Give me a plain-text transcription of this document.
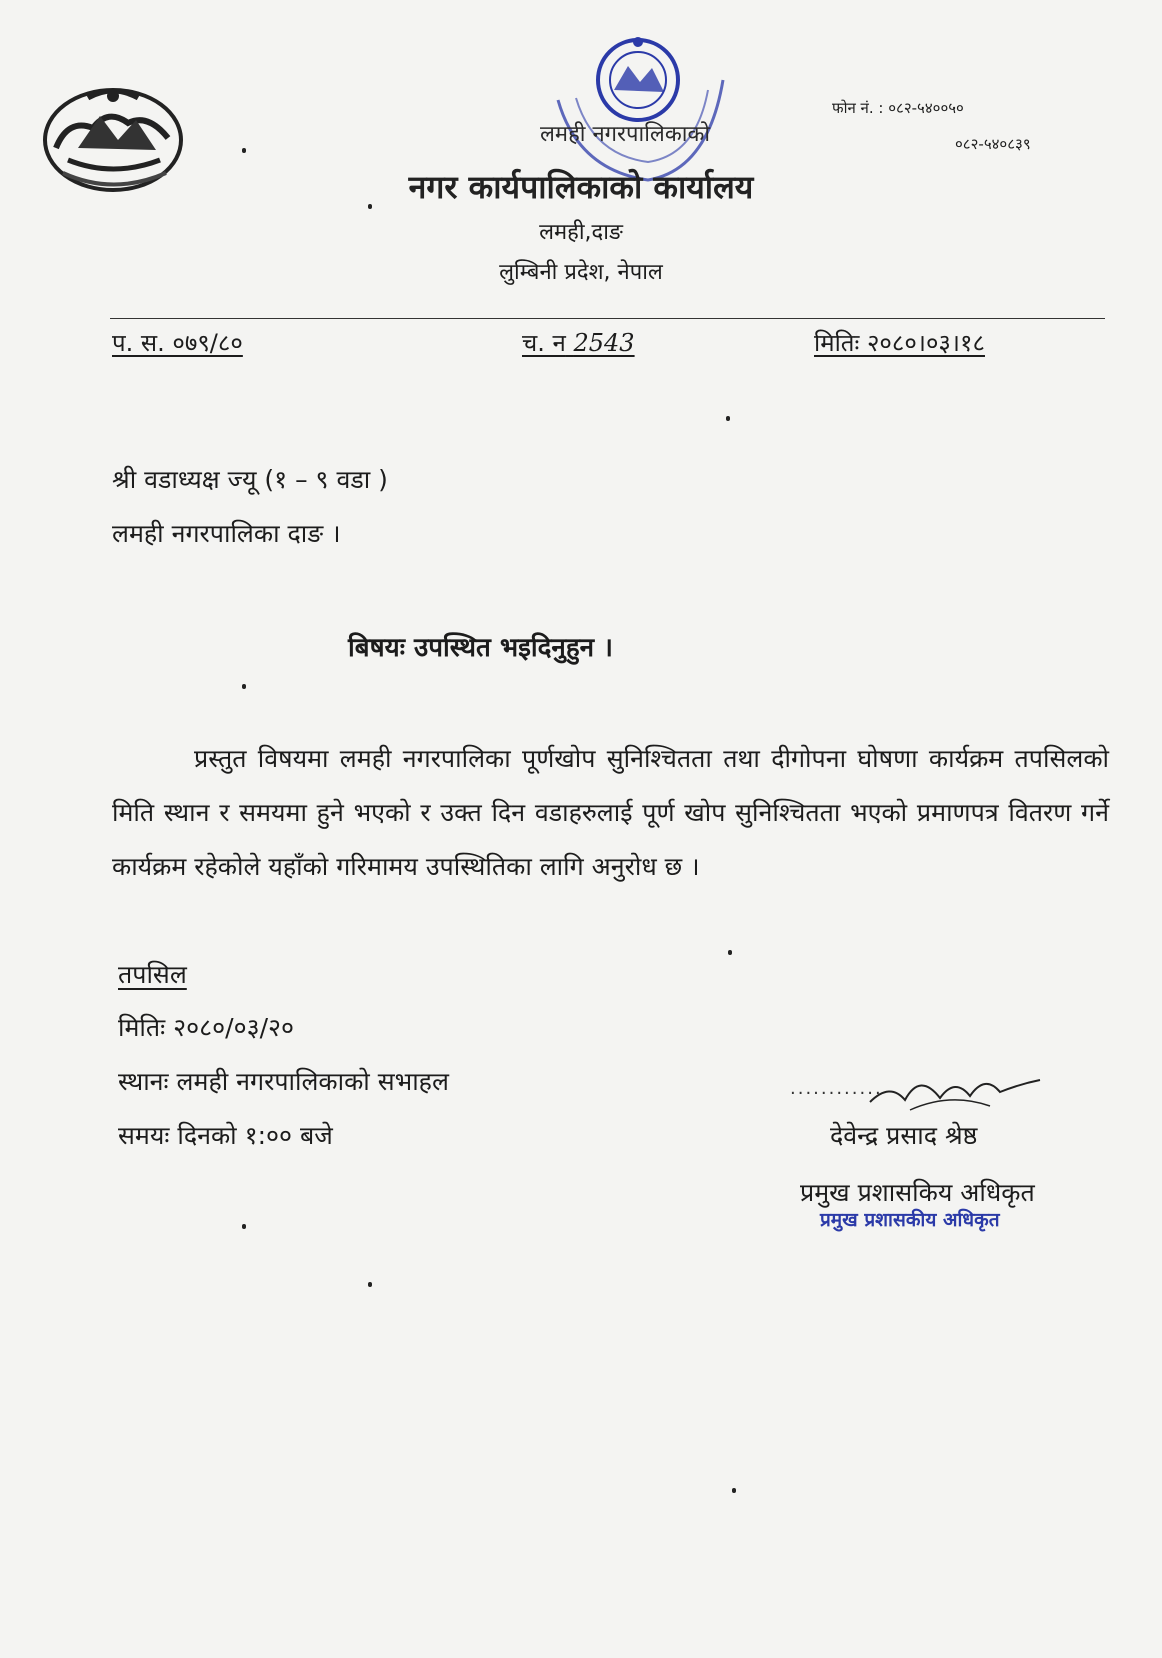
लमही नगरपालिकाको
नगर कार्यपालिकाको कार्यालय
लमही,दाङ
लुम्बिनी प्रदेश, नेपाल
फोन नं. : ०८२-५४००५०
०८२-५४०८३९
प. स. ०७९/८०	च. न 2543	मितिः २०८०।०३।१८
श्री वडाध्यक्ष ज्यू (१ – ९ वडा )
लमही नगरपालिका दाङ ।
बिषयः उपस्थित भइदिनुहुन ।
प्रस्तुत विषयमा लमही नगरपालिका पूर्णखोप सुनिश्चितता तथा दीगोपना घोषणा कार्यक्रम तपसिलको मिति स्थान र समयमा हुने भएको र उक्त दिन वडाहरुलाई पूर्ण खोप सुनिश्चितता भएको प्रमाणपत्र वितरण गर्ने कार्यक्रम रहेकोले यहाँको गरिमामय उपस्थितिका लागि अनुरोध छ ।
तपसिल
मितिः २०८०/०३/२०
स्थानः लमही नगरपालिकाको सभाहल
समयः दिनको १:०० बजे
............
देवेन्द्र प्रसाद श्रेष्ठ
प्रमुख प्रशासकिय अधिकृत
प्रमुख प्रशासकीय अधिकृत
